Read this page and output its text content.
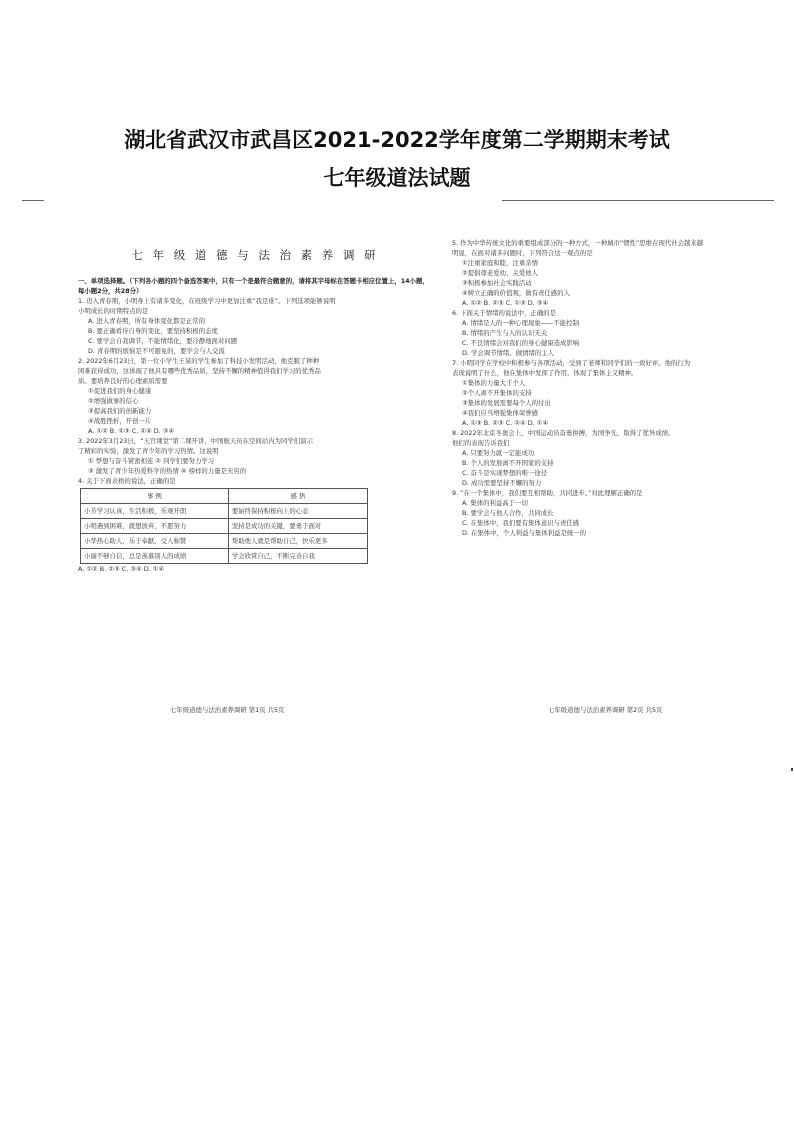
湖北省武汉市武昌区2021-2022学年度第二学期期末考试
七年级道法试题
七 年 级 道 德 与 法 治 素 养 调 研
一、单项选择题。（下列各小题的四个备选答案中，只有一个是最符合题意的，请将其字母标在答题卡相应位置上，14小题，每小题2分，共28分）
1. 迈入青春期，小明身上有诸多变化，在班级学习中更加注重“我是谁”。下列选项能够说明
小明成长的时期特点的是
A. 进入青春期，所有身体变化都是正常的
B. 要正确看待自身的变化，要坚持积极的态度
C. 要学会自我调节，不能情绪化，要冷静地面对问题
D. 青春期的烦恼是不可避免的，要学会与人交流
2. 2022年6月23日，第一位小学生王某的学生参加了科技小发明活动，他克服了种种
困难获得成功，这体现了他具有哪些优秀品质，坚持不懈的精神值得我们学习的优秀品
质。要培养良好的心理素质需要
①促进我们的身心健康
②增强做事的信心
③提高我们的创新能力
④战胜挫折，开创一片
A. ①② B. ②③ C. ②④ D. ③④
3. 2022年3月23日，“天宫课堂”第二课开讲，中国航天员在空间站内为同学们演示
了精彩的实验，激发了青少年的学习热情。这说明
① 梦想与奋斗紧密相连 ② 同学们要努力学习
③ 激发了青少年热爱科学的热情 ④ 榜样的力量是无穷的
4. 关于下面表格的说法，正确的是
事 例	感 悟
小芳学习认真，生活积极，乐观开朗	要始终保持积极向上的心态
小明遇到困难，就想放弃，不愿努力	坚持是成功的关键，要勇于面对
小华热心助人，乐于奉献，受人称赞	帮助他人就是帮助自己，快乐更多
小丽不够自信，总是羡慕别人的成绩	学会欣赏自己，不断完善自我
A. ①② B. ②③ C. ③④ D. ①④
5. 作为中华传统文化的重要组成部分的一种方式，一种城市“惯性”思维在现代社会越来越
明显，在面对诸多问题时，下列符合这一观点的是
①注重家庭和睦，注重亲情
②提倡尊老爱幼，关爱他人
③积极参加社会实践活动
④树立正确的价值观，做有责任感的人
A. ①② B. ②③ C. ①③ D. ③④
6. 下面关于情绪的说法中，正确的是
A. 情绪是人的一种心理现象——不能控制
B. 情绪的产生与人的认识无关
C. 不良情绪会对我们的身心健康造成影响
D. 学会调节情绪，做情绪的主人
7. 小明同学在学校中积极参与各项活动，受到了老师和同学们的一致好评。他的行为
表现说明了什么，他在集体中发挥了作用，体现了集体主义精神。
①集体的力量大于个人
②个人离不开集体的支持
③集体的发展需要每个人的付出
④我们应当增强集体荣誉感
A. ①③ B. ②③ C. ②④ D. ①④
8. 2022年北京冬奥会上，中国运动员奋勇拼搏，为国争光，取得了优异成绩。
他们的表现告诉我们
A. 只要努力就一定能成功
B. 个人的发展离不开国家的支持
C. 奋斗是实现梦想的唯一途径
D. 成功需要坚持不懈的努力
9. “在一个集体中，我们要互相帮助，共同进步。”对此理解正确的是
A. 集体的利益高于一切
B. 要学会与他人合作，共同成长
C. 在集体中，我们要有集体意识与责任感
D. 在集体中，个人利益与集体利益是统一的
七年级道德与法治素养调研 第1页 共5页	七年级道德与法治素养调研 第2页 共5页
